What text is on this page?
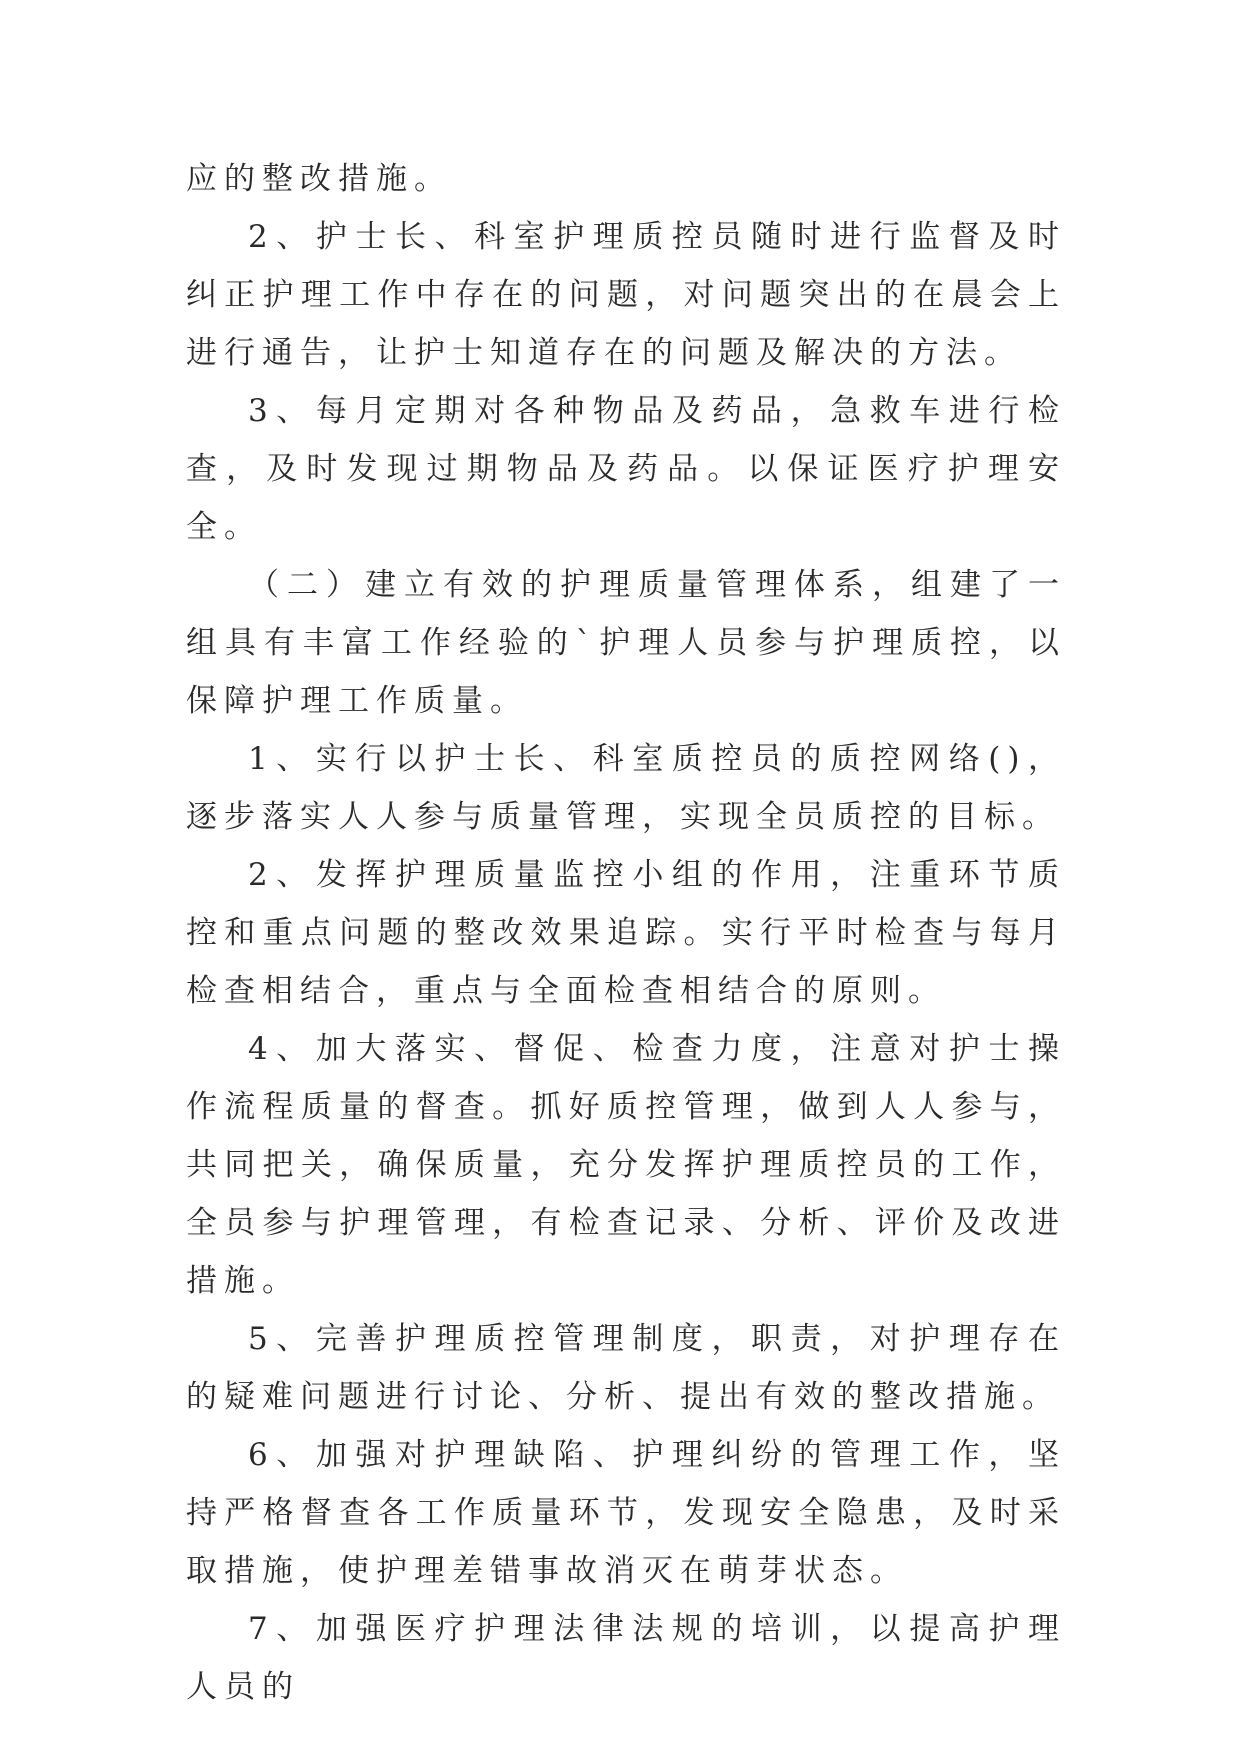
应的整改措施。

2、护士长、科室护理质控员随时进行监督及时纠正护理工作中存在的问题，对问题突出的在晨会上进行通告，让护士知道存在的问题及解决的方法。

3、每月定期对各种物品及药品，急救车进行检查，及时发现过期物品及药品。以保证医疗护理安全。

（二）建立有效的护理质量管理体系，组建了一组具有丰富工作经验的`护理人员参与护理质控，以保障护理工作质量。

1、实行以护士长、科室质控员的质控网络()，逐步落实人人参与质量管理，实现全员质控的目标。

2、发挥护理质量监控小组的作用，注重环节质控和重点问题的整改效果追踪。实行平时检查与每月检查相结合，重点与全面检查相结合的原则。

4、加大落实、督促、检查力度，注意对护士操作流程质量的督查。抓好质控管理，做到人人参与，共同把关，确保质量，充分发挥护理质控员的工作，全员参与护理管理，有检查记录、分析、评价及改进措施。

5、完善护理质控管理制度，职责，对护理存在的疑难问题进行讨论、分析、提出有效的整改措施。

6、加强对护理缺陷、护理纠纷的管理工作，坚持严格督查各工作质量环节，发现安全隐患，及时采取措施，使护理差错事故消灭在萌芽状态。

7、加强医疗护理法律法规的培训，以提高护理人员的
